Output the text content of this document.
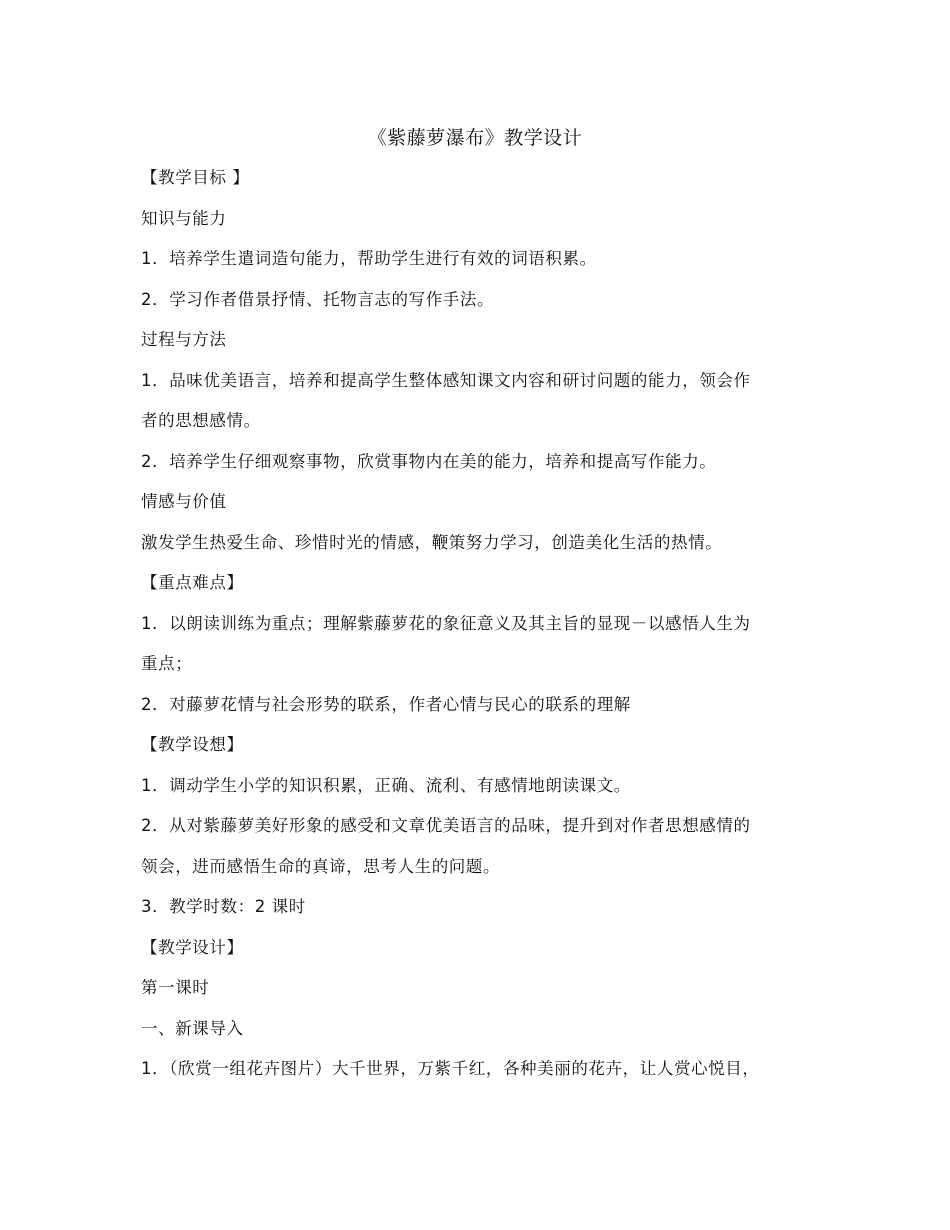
《紫藤萝瀑布》教学设计
【教学目标 】
知识与能力
1．培养学生遣词造句能力，帮助学生进行有效的词语积累。
2．学习作者借景抒情、托物言志的写作手法。
过程与方法
1．品味优美语言，培养和提高学生整体感知课文内容和研讨问题的能力，领会作
者的思想感情。
2．培养学生仔细观察事物，欣赏事物内在美的能力，培养和提高写作能力。
情感与价值
激发学生热爱生命、珍惜时光的情感，鞭策努力学习，创造美化生活的热情。
【重点难点】
1．以朗读训练为重点；理解紫藤萝花的象征意义及其主旨的显现－以感悟人生为
重点；
2．对藤萝花情与社会形势的联系，作者心情与民心的联系的理解
【教学设想】
1．调动学生小学的知识积累，正确、流利、有感情地朗读课文。
2．从对紫藤萝美好形象的感受和文章优美语言的品味，提升到对作者思想感情的
领会，进而感悟生命的真谛，思考人生的问题。
3．教学时数：2 课时
【教学设计】
第一课时
一、新课导入
1．（欣赏一组花卉图片）大千世界，万紫千红，各种美丽的花卉，让人赏心悦目，
